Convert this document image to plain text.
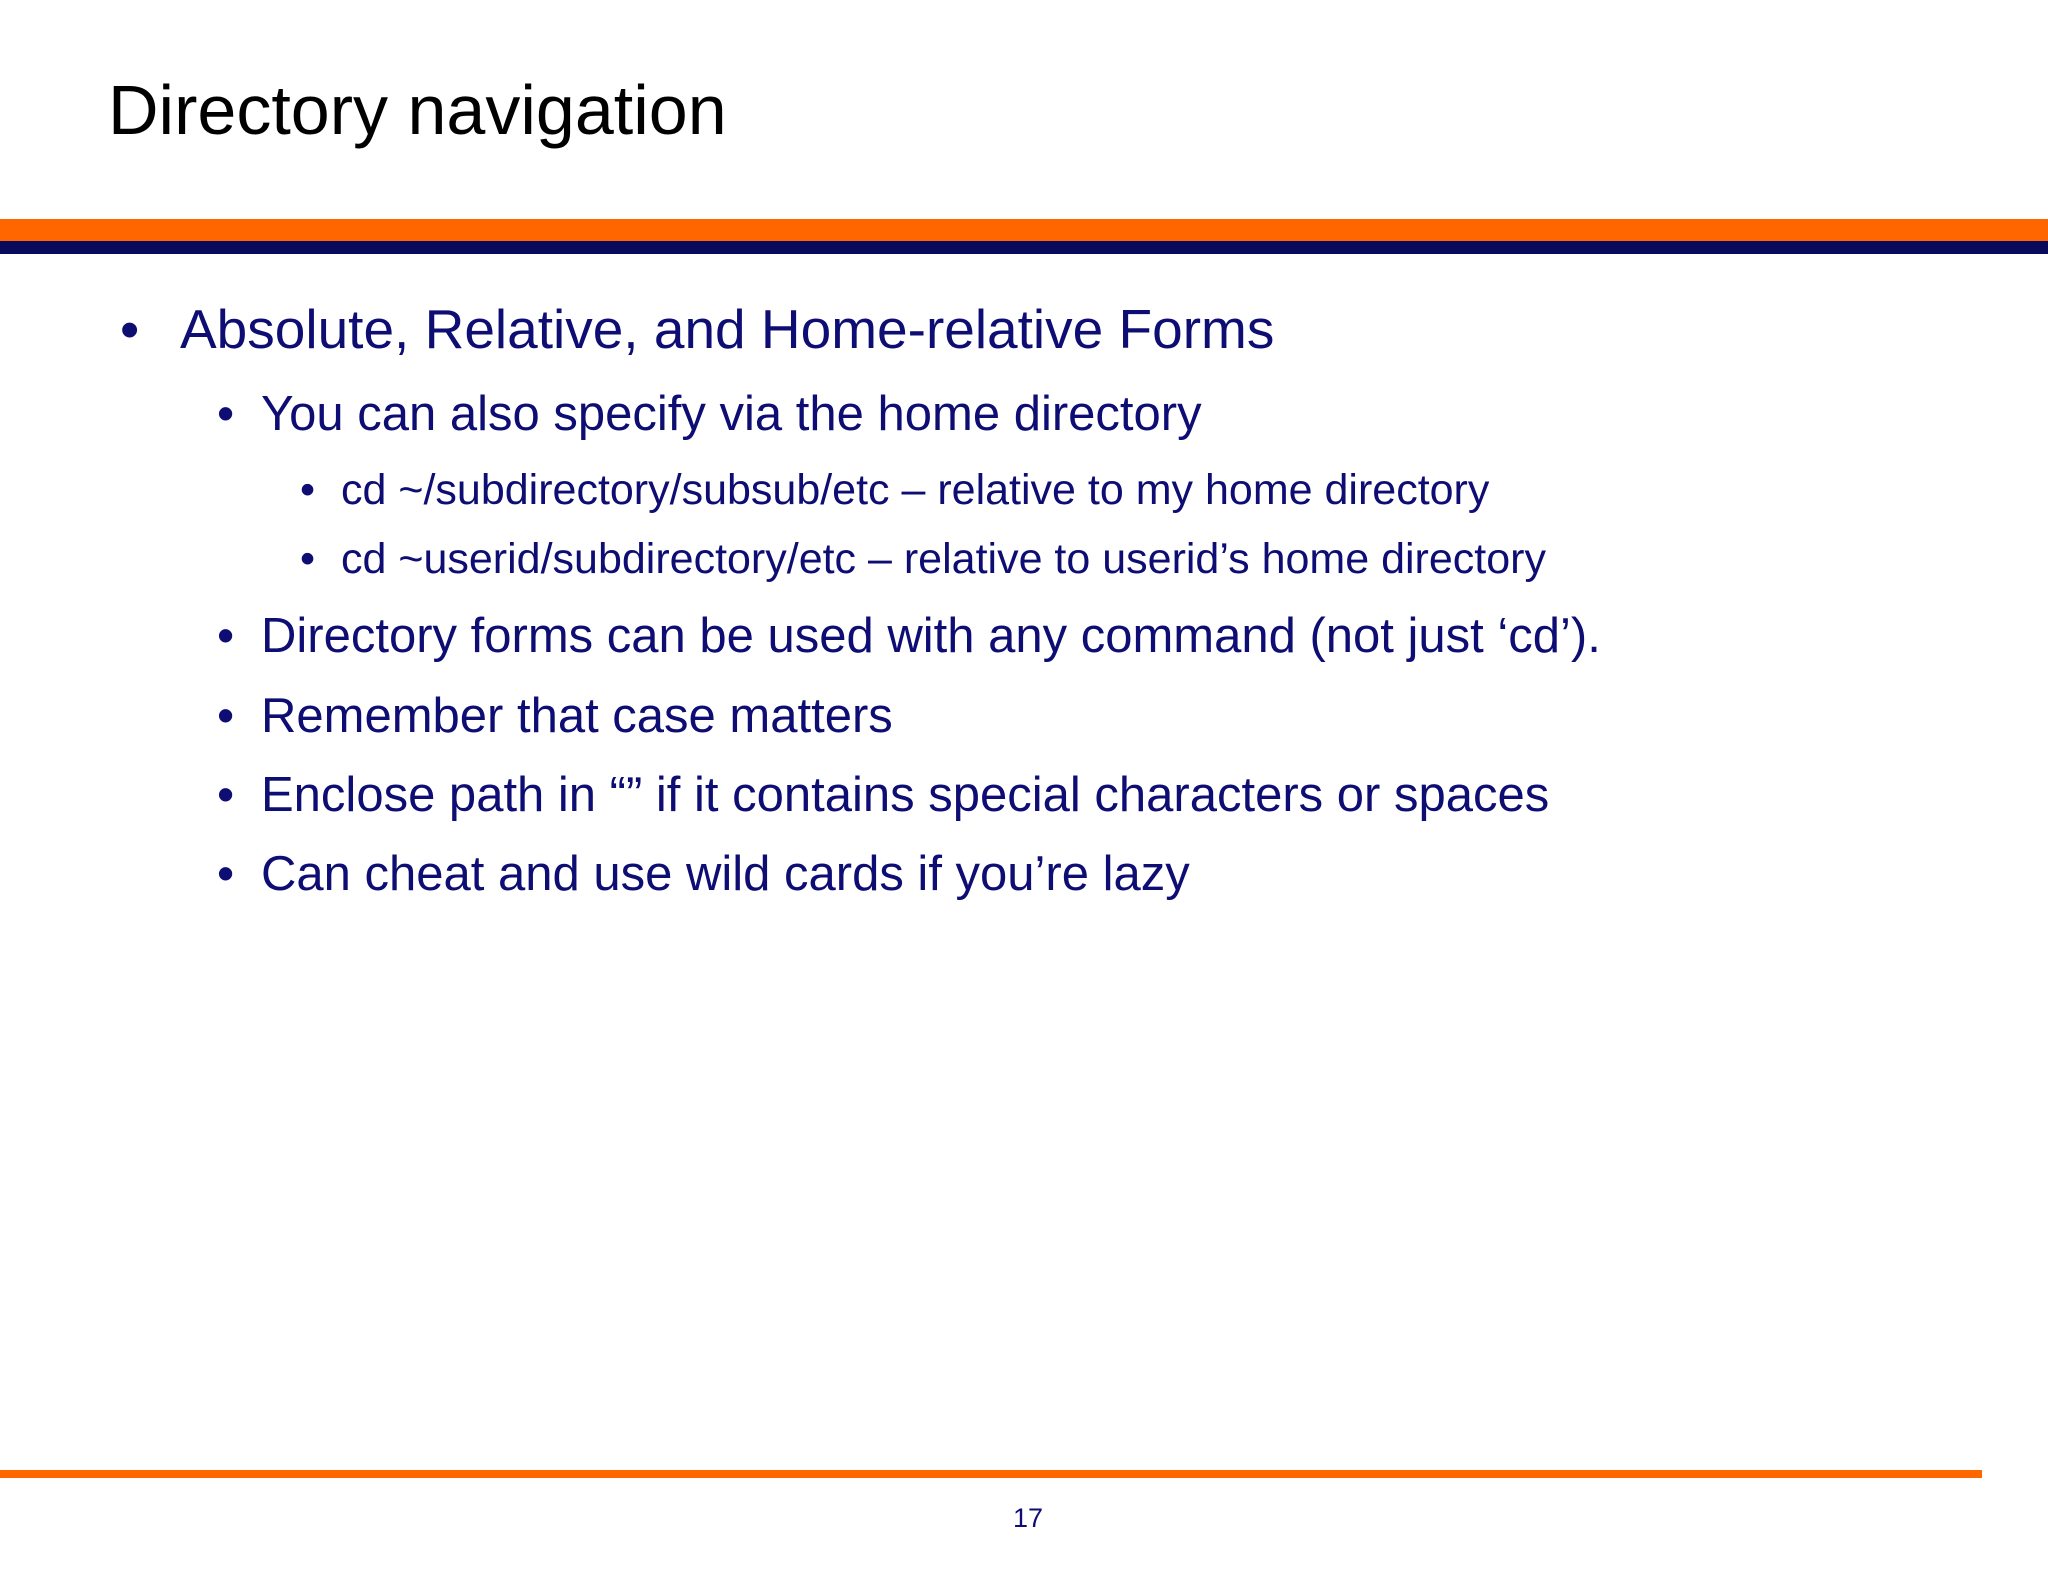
Directory navigation
• Absolute, Relative, and Home-relative Forms
• You can also specify via the home directory
• cd ~/subdirectory/subsub/etc – relative to my home directory
• cd ~userid/subdirectory/etc – relative to userid’s home directory
• Directory forms can be used with any command (not just ‘cd’).
• Remember that case matters
• Enclose path in “” if it contains special characters or spaces
• Can cheat and use wild cards if you’re lazy
17
